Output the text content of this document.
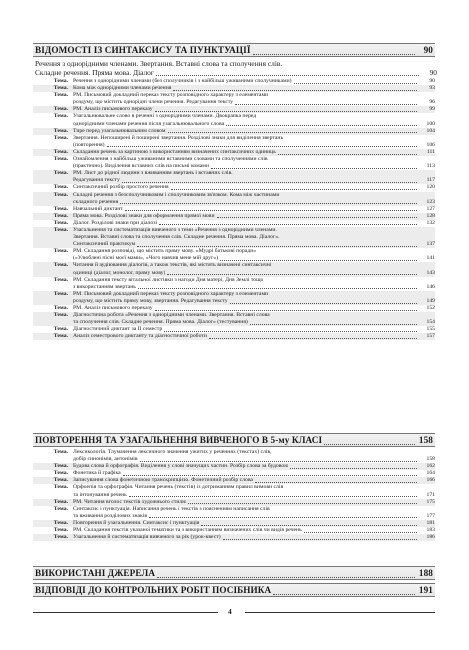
ВІДОМОСТІ ІЗ СИНТАКСИСУ ТА ПУНКТУАЦІЇ	90
Речення з однорідними членами. Звертання. Вставні слова та сполучення слів.
Складне речення. Пряма мова. Діалог	90
Тема. Речення з однорідними членами (без сполучників і з найбільш уживаними сполучниками)	90
Тема. Кома між однорідними членами речення	93
Тема. РМ. Письмовий докладний переказ тексту розповідного характеру з елементами
роздуму, що містить однорідні члени речення. Редагування тексту	96
Тема. РМ. Аналіз письмового переказу	99
Тема. Узагальнювальне слово в реченні з однорідними членами. Двокрапка перед
однорідними членами речення після узагальнювального слова	100
Тема. Тире перед узагальнювальним словом	104
Тема. Звертання. Непоширені й поширені звертання. Розділові знаки для виділення звертань
(повторення)	106
Тема. Складання речень за картиною з використанням визначених синтаксичних одиниць	111
Тема. Ознайомлення з найбільш уживаними вставними словами та сполученнями слів
(практично). Виділення вставних слів на письмі комами	113
Тема. РМ. Лист до рідної людини з вживанням звертань і вставних слів.
Редагування тексту	117
Тема. Синтаксичний розбір простого речення	120
Тема. Складні речення з безсполучниковим і сполучниковим зв'язком. Кома між частинами
складного речення	123
Тема. Навчальний диктант	127
Тема. Пряма мова. Розділові знаки для оформлення прямої мови	128
Тема. Діалог. Розділові знаки при діалозі	132
Тема. Узагальнення та систематизація вивченого з теми «Речення з однорідними членами.
Звертання. Вставні слова та сполучення слів. Складне речення. Пряма мова. Діалог».
Синтаксичний практикум	137
Тема. РМ. Складання розповіді, що містить пряму мову. «Мудрі батькові поради»
(«Улюблені пісні моєї мами», «Чого навчив мене мій друг»)	141
Тема. Читання й аудіювання діалогів, а також текстів, які містять визначені синтаксичні
одиниці (діалог, монолог, пряму мову)	143
Тема. РМ. Складання тексту вітальної листівки з нагоди Дня матері, Дня Землі тощо
з використанням звертань	146
Тема. РМ. Письмовий докладний переказ тексту розповідного характеру з елементами
роздуму, що містить пряму мову, звертання. Редагування тексту	149
Тема. РМ. Аналіз письмового переказу	152
Тема. Діагностична робота «Речення з однорідними членами. Звертання. Вставні слова
та сполучення слів. Складне речення. Пряма мова. Діалог» (тестування)	154
Тема. Діагностичний диктант за ІІ семестр	155
Тема. Аналіз семестрового диктанту та діагностичної роботи	157
ПОВТОРЕННЯ ТА УЗАГАЛЬНЕННЯ ВИВЧЕНОГО В 5-му КЛАСІ	158
Тема. Лексикологія. Тлумачення лексичного значення ужитих у реченнях (текстах) слів,
добір синонімів, антонімів	158
Тема. Будова слова й орфографія. Виділення у слові значущих частин. Розбір слова за будовою	162
Тема. Фонетика й графіка	164
Тема. Записування слова фонетичною транскрипцією. Фонетичний розбір слова	166
Тема. Орфоепія та орфографія. Читання речень (текстів) із дотриманням правил вимови слів
та інтонування речень	171
Тема. РМ. Читання вголос текстів художнього стилю	175
Тема. Синтаксис і пунктуація. Написання речень і текстів з поясненням написання слів
та вживання розділових знаків	177
Тема. Повторення й узагальнення. Синтаксис і пунктуація	181
Тема. РМ. Складання текстів указаної тематики та з використанням визначених слів чи видів речень	183
Тема. Узагальнення й систематизація вивченого за рік (урок-квест)	186
ВИКОРИСТАНІ ДЖЕРЕЛА	188
ВІДПОВІДІ ДО КОНТРОЛЬНИХ РОБІТ ПОСІБНИКА	191
4
